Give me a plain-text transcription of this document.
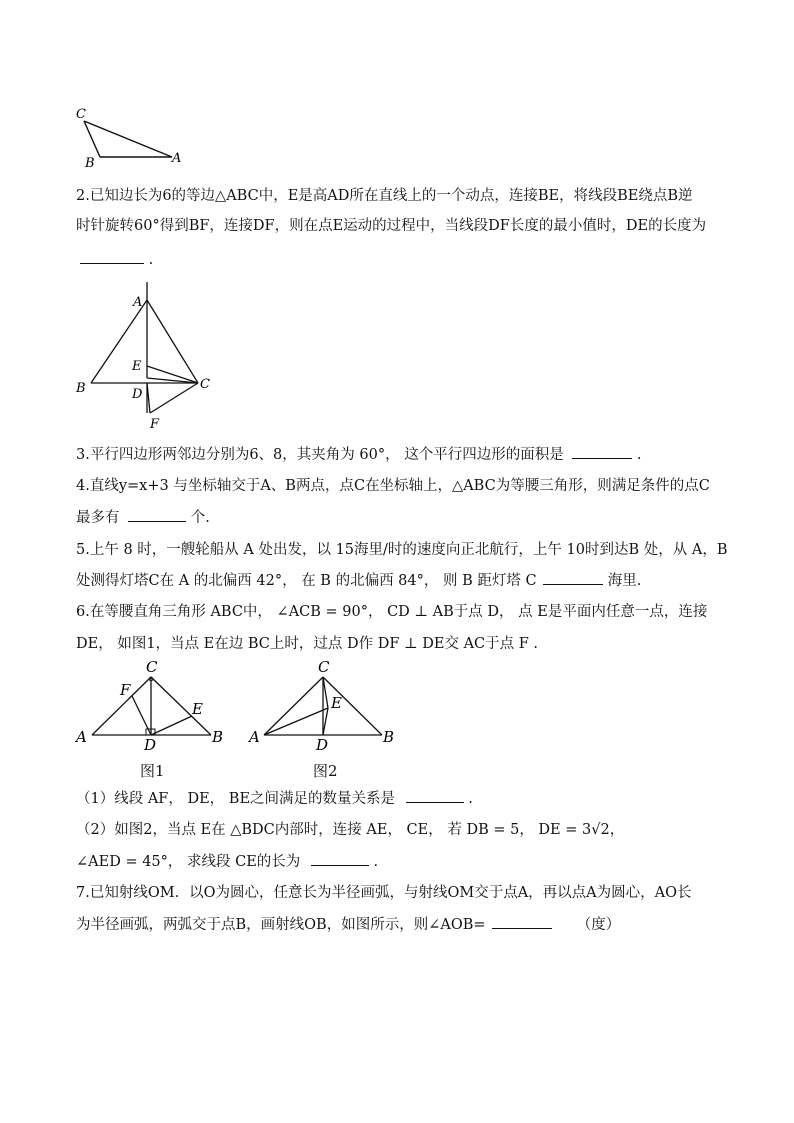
C
B	A
2.已知边长为6的等边△ABC中，E是高AD所在直线上的一个动点，连接BE，将线段BE绕点B逆
时针旋转60°得到BF，连接DF，则在点E运动的过程中，当线段DF长度的最小值时，DE的长度为
.
A
E
B	D
C
F
3.平行四边形两邻边分别为6、8，其夹角为 60°， 这个平行四边形的面积是	.
4.直线y=x+3 与坐标轴交于A、B两点，点C在坐标轴上，△ABC为等腰三角形，则满足条件的点C
最多有	个.
5.上午 8 时，一艘轮船从 A 处出发，以 15海里/时的速度向正北航行，上午 10时到达B 处，从 A，B
处测得灯塔C在 A 的北偏西 42°， 在 B 的北偏西 84°， 则 B 距灯塔 C	海里.
6.在等腰直角三角形 ABC中， ∠ACB = 90°， CD ⊥ AB于点 D， 点 E是平面内任意一点，连接
DE， 如图1，当点 E在边 BC上时，过点 D作 DF ⊥ DE交 AC于点 F .
C
F
E
A	D	B
图1
C
E
A	D	B
图2
（1）线段 AF， DE， BE之间满足的数量关系是	.
（2）如图2，当点 E在 △BDC内部时，连接 AE， CE， 若 DB = 5， DE = 3√2，
∠AED = 45°， 求线段 CE的长为	.
7.已知射线OM．以O为圆心，任意长为半径画弧，与射线OM交于点A，再以点A为圆心，AO长
为半径画弧，两弧交于点B，画射线OB，如图所示，则∠AOB=	（度）
